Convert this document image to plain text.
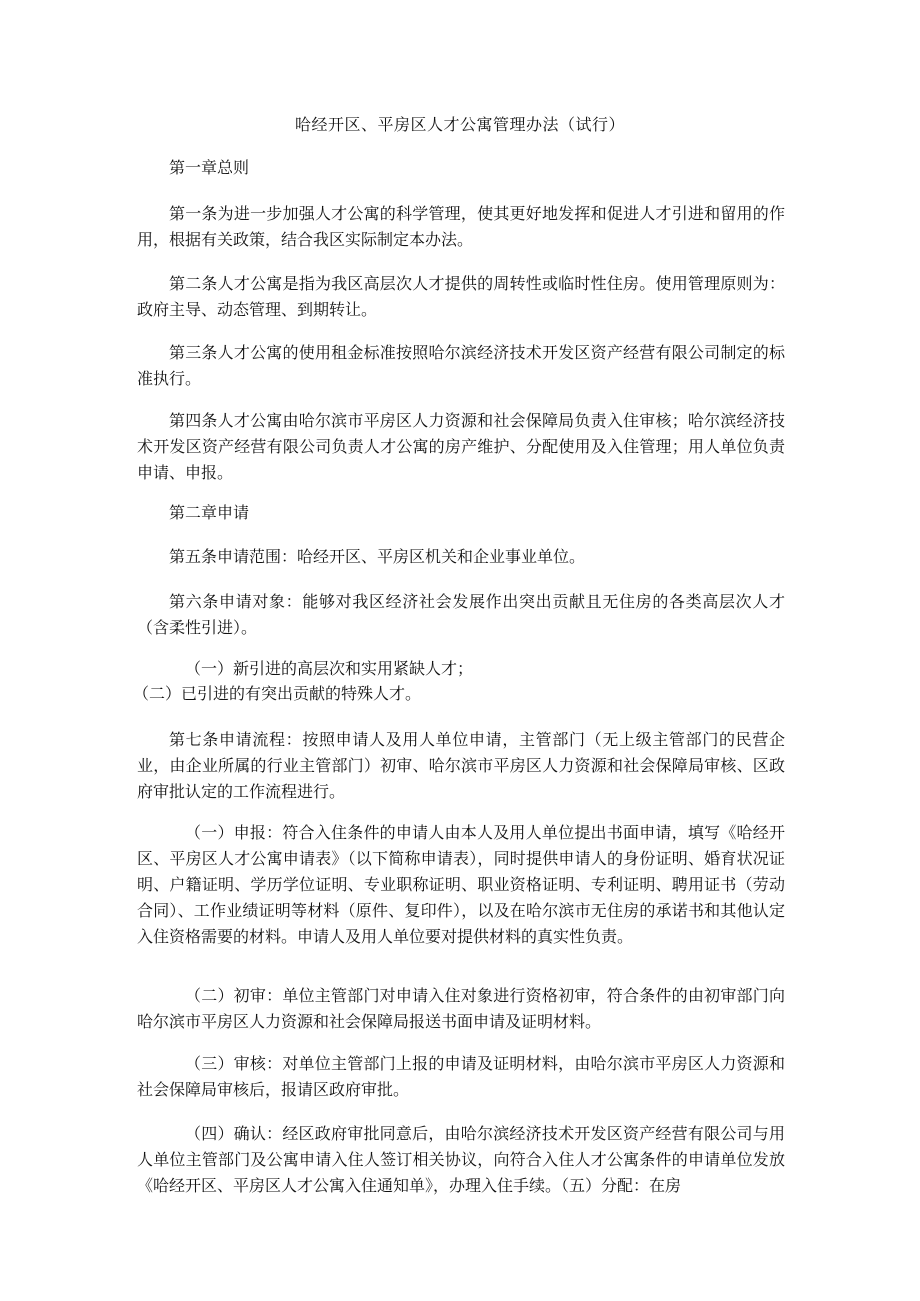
哈经开区、平房区人才公寓管理办法（试行）
第一章总则
第一条为进一步加强人才公寓的科学管理，使其更好地发挥和促进人才引进和留用的作用，根据有关政策，结合我区实际制定本办法。
第二条人才公寓是指为我区高层次人才提供的周转性或临时性住房。使用管理原则为：政府主导、动态管理、到期转让。
第三条人才公寓的使用租金标准按照哈尔滨经济技术开发区资产经营有限公司制定的标准执行。
第四条人才公寓由哈尔滨市平房区人力资源和社会保障局负责入住审核；哈尔滨经济技术开发区资产经营有限公司负责人才公寓的房产维护、分配使用及入住管理；用人单位负责申请、申报。
第二章申请
第五条申请范围：哈经开区、平房区机关和企业事业单位。
第六条申请对象：能够对我区经济社会发展作出突出贡献且无住房的各类高层次人才（含柔性引进）。
（一）新引进的高层次和实用紧缺人才；
（二）已引进的有突出贡献的特殊人才。
第七条申请流程：按照申请人及用人单位申请，主管部门（无上级主管部门的民营企业，由企业所属的行业主管部门）初审、哈尔滨市平房区人力资源和社会保障局审核、区政府审批认定的工作流程进行。
（一）申报：符合入住条件的申请人由本人及用人单位提出书面申请，填写《哈经开区、平房区人才公寓申请表》（以下简称申请表），同时提供申请人的身份证明、婚育状况证明、户籍证明、学历学位证明、专业职称证明、职业资格证明、专利证明、聘用证书（劳动合同）、工作业绩证明等材料（原件、复印件），以及在哈尔滨市无住房的承诺书和其他认定入住资格需要的材料。申请人及用人单位要对提供材料的真实性负责。
（二）初审：单位主管部门对申请入住对象进行资格初审，符合条件的由初审部门向哈尔滨市平房区人力资源和社会保障局报送书面申请及证明材料。
（三）审核：对单位主管部门上报的申请及证明材料，由哈尔滨市平房区人力资源和社会保障局审核后，报请区政府审批。
（四）确认：经区政府审批同意后，由哈尔滨经济技术开发区资产经营有限公司与用人单位主管部门及公寓申请入住人签订相关协议，向符合入住人才公寓条件的申请单位发放《哈经开区、平房区人才公寓入住通知单》，办理入住手续。（五）分配：在房
